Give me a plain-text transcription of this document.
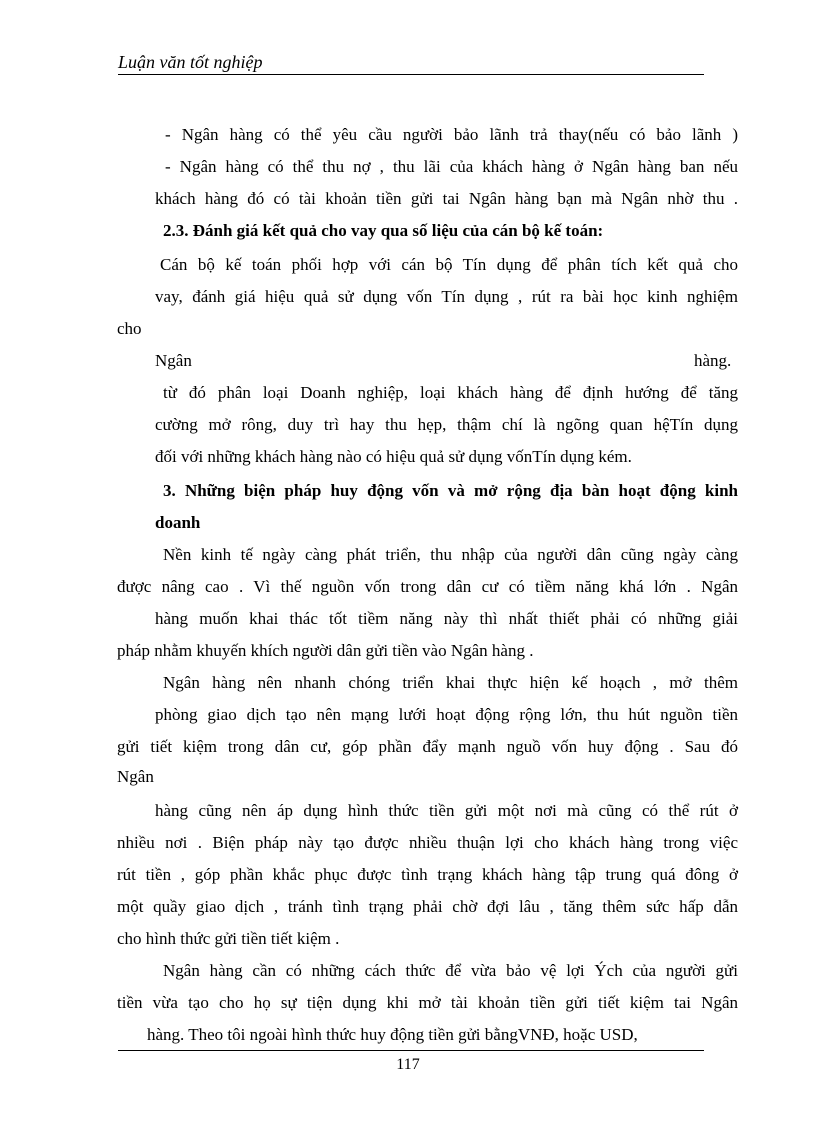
Luận văn tốt nghiệp
- Ngân hàng có thể yêu cầu người bảo lãnh trả thay(nếu có bảo lãnh )
- Ngân hàng có thể thu nợ , thu lãi của khách hàng ở Ngân hàng ban nếu
khách hàng đó có tài khoản tiền gửi tai Ngân hàng bạn mà Ngân nhờ thu .
2.3. Đánh giá kết quả cho vay qua số liệu của cán bộ kế toán:
Cán bộ kế toán phối hợp với cán bộ Tín dụng để phân tích kết quả cho
vay, đánh giá hiệu quả sử dụng vốn Tín dụng , rút ra bài học kinh nghiệm
cho
Ngân	hàng.
từ đó phân loại Doanh nghiệp, loại khách hàng để định hướng để tăng
cường mở rông, duy trì hay thu hẹp, thậm chí là ngõng quan hệTín dụng
đối với những khách hàng nào có hiệu quả sử dụng vốnTín dụng kém.
3. Những biện pháp huy động vốn và mở rộng địa bàn hoạt động kinh
doanh
Nền kinh tế ngày càng phát triển, thu nhập của người dân cũng ngày càng
được nâng cao . Vì thế nguồn vốn trong dân cư có tiềm năng khá lớn . Ngân
hàng muốn khai thác tốt tiềm năng này thì nhất thiết phải có những giải
pháp nhằm khuyến khích người dân gửi tiền vào Ngân hàng .
Ngân hàng nên nhanh chóng triển khai thực hiện kế hoạch , mở thêm
phòng giao dịch tạo nên mạng lưới hoạt động rộng lớn, thu hút nguồn tiền
gửi tiết kiệm trong dân cư, góp phần đẩy mạnh nguồ vốn huy động . Sau đó
Ngân
hàng cũng nên áp dụng hình thức tiền gửi một nơi mà cũng có thể rút ở
nhiều nơi . Biện pháp này tạo được nhiều thuận lợi cho khách hàng trong việc
rút tiền , góp phần khắc phục được tình trạng khách hàng tập trung quá đông ở
một quầy giao dịch , tránh tình trạng phải chờ đợi lâu , tăng thêm sức hấp dẫn
cho hình thức gửi tiền tiết kiệm .
Ngân hàng cần có những cách thức để vừa bảo vệ lợi Ých của người gửi
tiền vừa tạo cho họ sự tiện dụng khi mở tài khoản tiền gửi tiết kiệm tai Ngân
hàng. Theo tôi ngoài hình thức huy động tiền gửi bằngVNĐ, hoặc USD,
117
